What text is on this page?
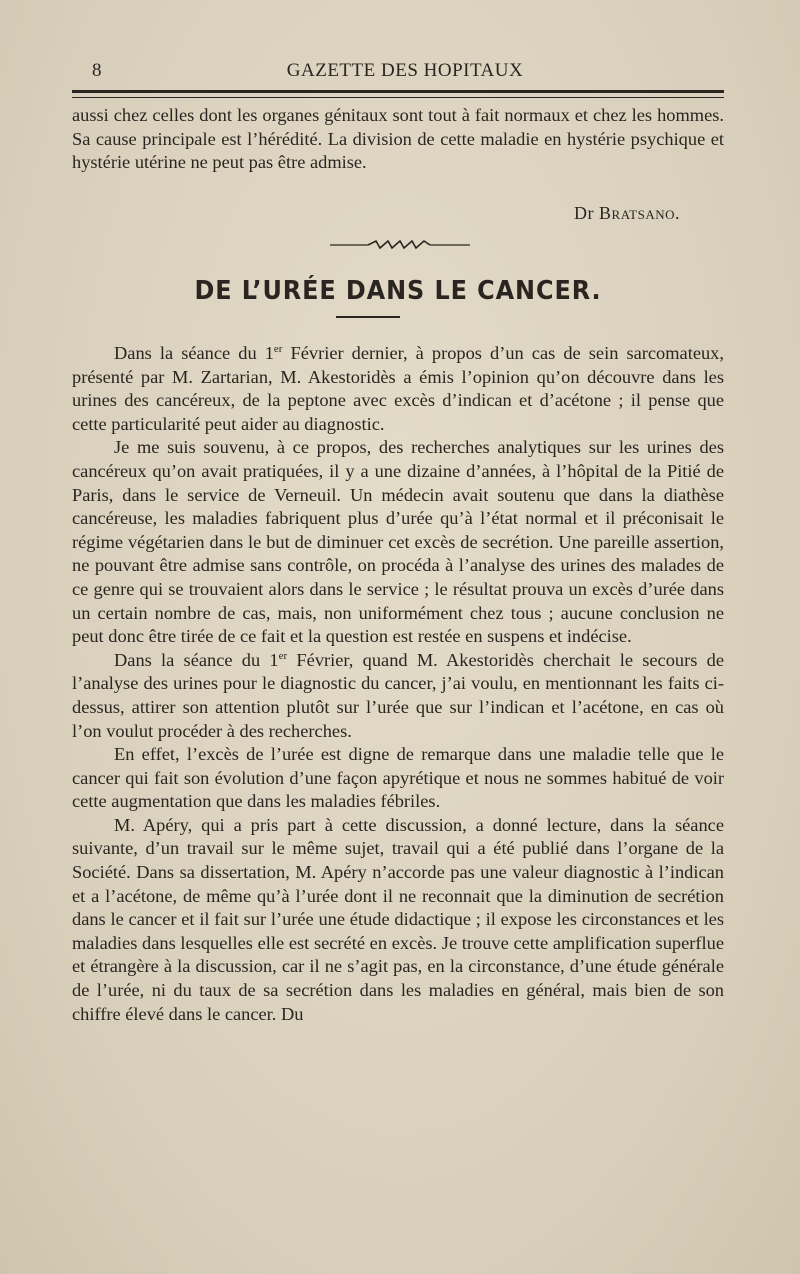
8	GAZETTE DES HOPITAUX

aussi chez celles dont les organes génitaux sont tout à fait normaux et chez les hommes. Sa cause principale est l’hérédité. La division de cette maladie en hystérie psychique et hystérie utérine ne peut pas être admise.

Dr Bratsano.
DE L’URÉE DANS LE CANCER.

Dans la séance du 1er Février dernier, à propos d’un cas de sein sarcomateux, présenté par M. Zartarian, M. Akestoridès a émis l’opinion qu’on découvre dans les urines des cancéreux, de la peptone avec excès d’indican et d’acétone ; il pense que cette particularité peut aider au diagnostic.

Je me suis souvenu, à ce propos, des recherches analytiques sur les urines des cancéreux qu’on avait pratiquées, il y a une dizaine d’années, à l’hôpital de la Pitié de Paris, dans le service de Verneuil. Un médecin avait soutenu que dans la diathèse cancéreuse, les maladies fabriquent plus d’urée qu’à l’état normal et il préconisait le régime végétarien dans le but de diminuer cet excès de secrétion. Une pareille assertion, ne pouvant être admise sans contrôle, on procéda à l’analyse des urines des malades de ce genre qui se trouvaient alors dans le service ; le résultat prouva un excès d’urée dans un certain nombre de cas, mais, non uniformément chez tous ; aucune conclusion ne peut donc être tirée de ce fait et la question est restée en suspens et indécise.

Dans la séance du 1er Février, quand M. Akestoridès cherchait le secours de l’analyse des urines pour le diagnostic du cancer, j’ai voulu, en mentionnant les faits ci-dessus, attirer son attention plutôt sur l’urée que sur l’indican et l’acétone, en cas où l’on voulut procéder à des recherches.

En effet, l’excès de l’urée est digne de remarque dans une maladie telle que le cancer qui fait son évolution d’une façon apyrétique et nous ne sommes habitué de voir cette augmentation que dans les maladies fébriles.

M. Apéry, qui a pris part à cette discussion, a donné lecture, dans la séance suivante, d’un travail sur le même sujet, travail qui a été publié dans l’organe de la Société. Dans sa dissertation, M. Apéry n’accorde pas une valeur diagnostic à l’indican et a l’acétone, de même qu’à l’urée dont il ne reconnait que la diminution de secrétion dans le cancer et il fait sur l’urée une étude didactique ; il expose les circonstances et les maladies dans lesquelles elle est secrété en excès. Je trouve cette amplification superflue et étrangère à la discussion, car il ne s’agit pas, en la circonstance, d’une étude générale de l’urée, ni du taux de sa secrétion dans les maladies en général, mais bien de son chiffre élevé dans le cancer. Du
